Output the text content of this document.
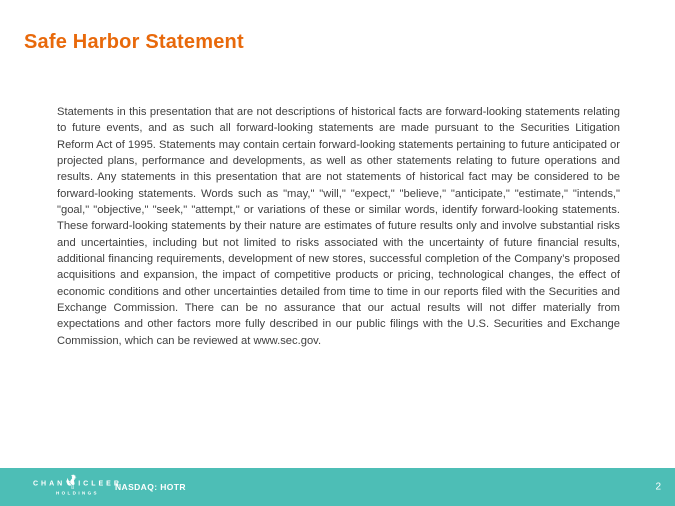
Safe Harbor Statement

Statements in this presentation that are not descriptions of historical facts are forward-looking statements relating to future events, and as such all forward-looking statements are made pursuant to the Securities Litigation Reform Act of 1995. Statements may contain certain forward-looking statements pertaining to future anticipated or projected plans, performance and developments, as well as other statements relating to future operations and results. Any statements in this presentation that are not statements of historical fact may be considered to be forward-looking statements. Words such as "may," "will," "expect," "believe," "anticipate," "estimate," "intends," "goal," "objective," "seek," "attempt," or variations of these or similar words, identify forward-looking statements. These forward-looking statements by their nature are estimates of future results only and involve substantial risks and uncertainties, including but not limited to risks associated with the uncertainty of future financial results, additional financing requirements, development of new stores, successful completion of the Company’s proposed acquisitions and expansion, the impact of competitive products or pricing, technological changes, the effect of economic conditions and other uncertainties detailed from time to time in our reports filed with the Securities and Exchange Commission. There can be no assurance that our actual results will not differ materially from expectations and other factors more fully described in our public filings with the U.S. Securities and Exchange Commission, which can be reviewed at www.sec.gov.

CHAN ICLEER
HOLDINGS
NASDAQ: HOTR	2
